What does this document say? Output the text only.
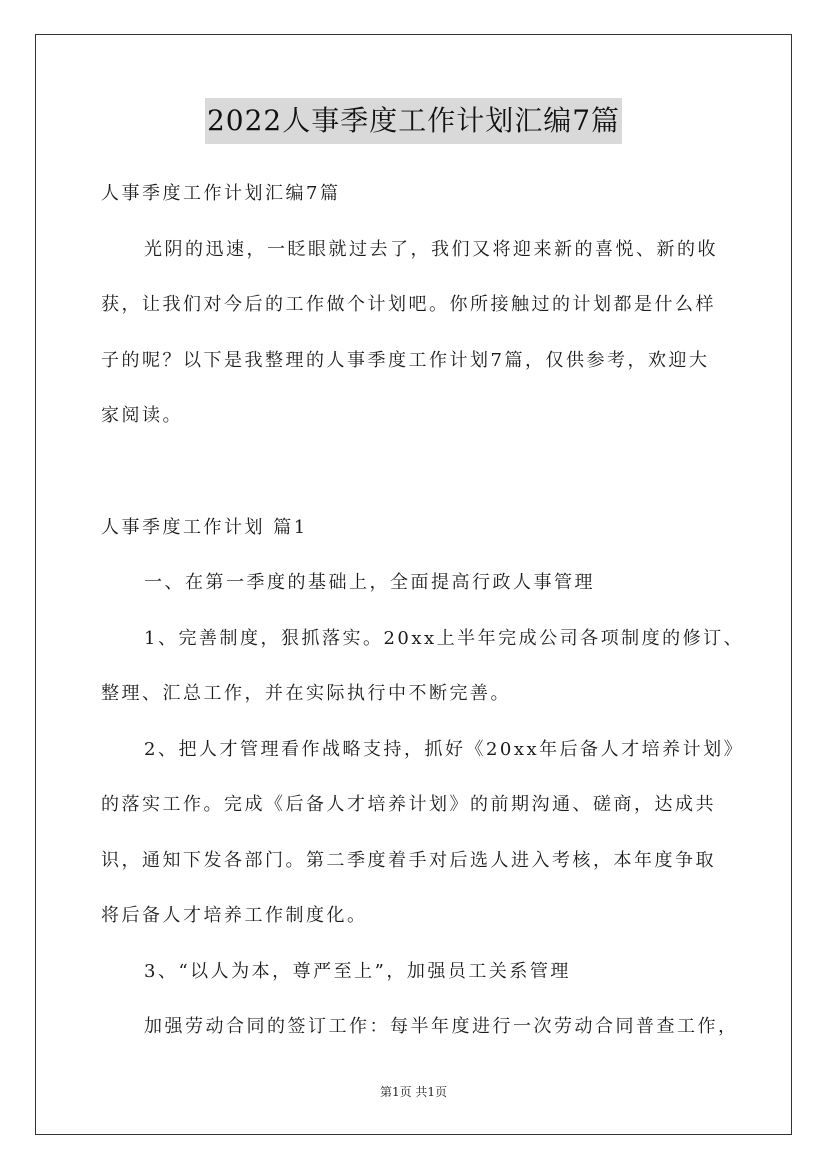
2022人事季度工作计划汇编7篇
人事季度工作计划汇编7篇
光阴的迅速，一眨眼就过去了，我们又将迎来新的喜悦、新的收
获，让我们对今后的工作做个计划吧。你所接触过的计划都是什么样
子的呢？以下是我整理的人事季度工作计划7篇，仅供参考，欢迎大
家阅读。
人事季度工作计划 篇1
一、在第一季度的基础上，全面提高行政人事管理
1、完善制度，狠抓落实。20xx上半年完成公司各项制度的修订、
整理、汇总工作，并在实际执行中不断完善。
2、把人才管理看作战略支持，抓好《20xx年后备人才培养计划》
的落实工作。完成《后备人才培养计划》的前期沟通、磋商，达成共
识，通知下发各部门。第二季度着手对后选人进入考核，本年度争取
将后备人才培养工作制度化。
3、“以人为本，尊严至上”，加强员工关系管理
加强劳动合同的签订工作：每半年度进行一次劳动合同普查工作，
第1页 共1页
